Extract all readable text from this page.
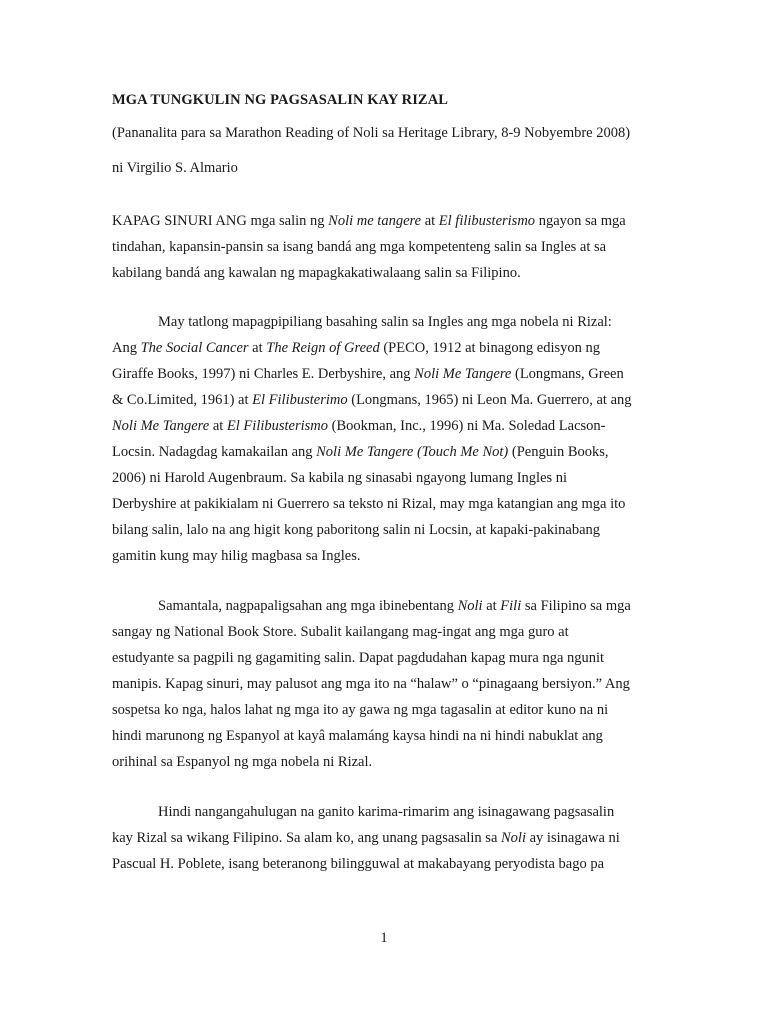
MGA TUNGKULIN NG PAGSASALIN KAY RIZAL
(Pananalita para sa Marathon Reading of Noli sa Heritage Library, 8-9 Nobyembre 2008)
ni Virgilio S. Almario

KAPAG SINURI ANG mga salin ng Noli me tangere at El filibusterismo ngayon sa mga
tindahan, kapansin-pansin sa isang bandá ang mga kompetenteng salin sa Ingles at sa
kabilang bandá ang kawalan ng mapagkakatiwalaang salin sa Filipino.

May tatlong mapagpipiliang basahing salin sa Ingles ang mga nobela ni Rizal:
Ang The Social Cancer at The Reign of Greed (PECO, 1912 at binagong edisyon ng
Giraffe Books, 1997) ni Charles E. Derbyshire, ang Noli Me Tangere (Longmans, Green
& Co.Limited, 1961) at El Filibusterimo (Longmans, 1965) ni Leon Ma. Guerrero, at ang
Noli Me Tangere at El Filibusterismo (Bookman, Inc., 1996) ni Ma. Soledad Lacson-
Locsin. Nadagdag kamakailan ang Noli Me Tangere (Touch Me Not) (Penguin Books,
2006) ni Harold Augenbraum. Sa kabila ng sinasabi ngayong lumang Ingles ni
Derbyshire at pakikialam ni Guerrero sa teksto ni Rizal, may mga katangian ang mga ito
bilang salin, lalo na ang higit kong paboritong salin ni Locsin, at kapaki-pakinabang
gamitin kung may hilig magbasa sa Ingles.

Samantala, nagpapaligsahan ang mga ibinebentang Noli at Fili sa Filipino sa mga
sangay ng National Book Store. Subalit kailangang mag-ingat ang mga guro at
estudyante sa pagpili ng gagamiting salin. Dapat pagdudahan kapag mura nga ngunit
manipis. Kapag sinuri, may palusot ang mga ito na “halaw” o “pinagaang bersiyon.” Ang
sospetsa ko nga, halos lahat ng mga ito ay gawa ng mga tagasalin at editor kuno na ni
hindi marunong ng Espanyol at kayâ malamáng kaysa hindi na ni hindi nabuklat ang
orihinal sa Espanyol ng mga nobela ni Rizal.

Hindi nangangahulugan na ganito karima-rimarim ang isinagawang pagsasalin
kay Rizal sa wikang Filipino. Sa alam ko, ang unang pagsasalin sa Noli ay isinagawa ni
Pascual H. Poblete, isang beteranong bilingguwal at makabayang peryodista bago pa

1
